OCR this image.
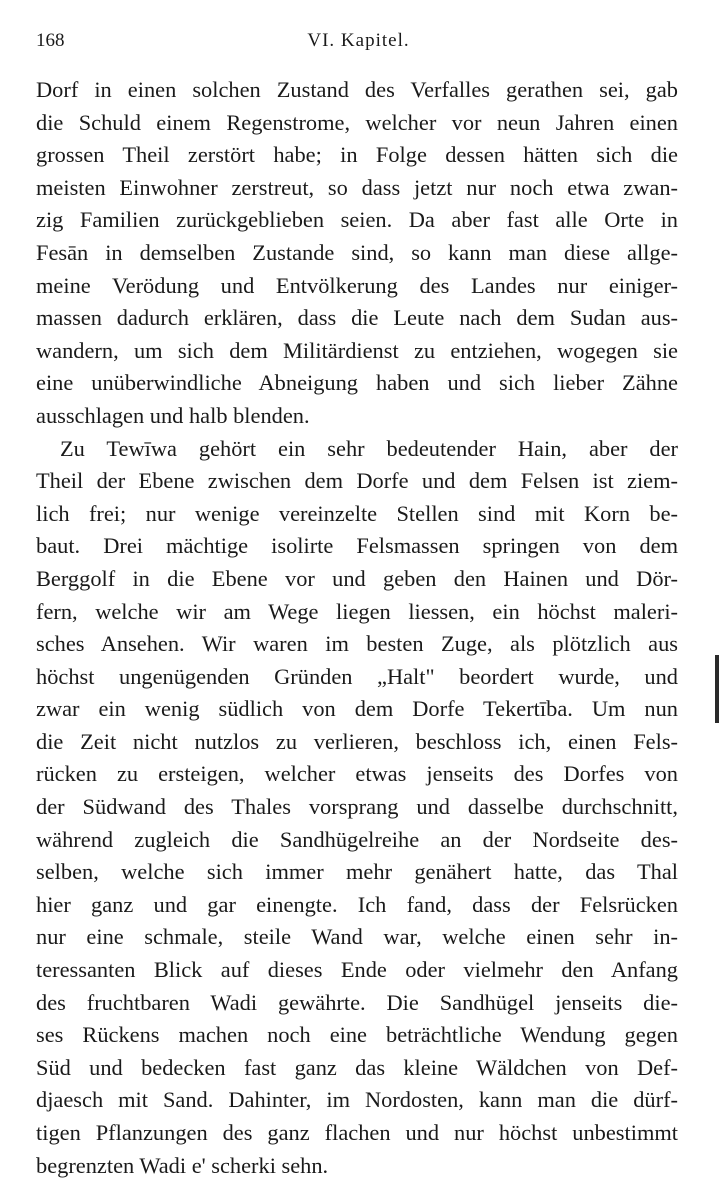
168	VI. Kapitel.
Dorf in einen solchen Zustand des Verfalles gerathen sei, gab
die Schuld einem Regenstrome, welcher vor neun Jahren einen
grossen Theil zerstört habe; in Folge dessen hätten sich die
meisten Einwohner zerstreut, so dass jetzt nur noch etwa zwan-
zig Familien zurückgeblieben seien. Da aber fast alle Orte in
Fesān in demselben Zustande sind, so kann man diese allge-
meine Verödung und Entvölkerung des Landes nur einiger-
massen dadurch erklären, dass die Leute nach dem Sudan aus-
wandern, um sich dem Militärdienst zu entziehen, wogegen sie
eine unüberwindliche Abneigung haben und sich lieber Zähne
ausschlagen und halb blenden.
Zu Tewīwa gehört ein sehr bedeutender Hain, aber der
Theil der Ebene zwischen dem Dorfe und dem Felsen ist ziem-
lich frei; nur wenige vereinzelte Stellen sind mit Korn be-
baut. Drei mächtige isolirte Felsmassen springen von dem
Berggolf in die Ebene vor und geben den Hainen und Dör-
fern, welche wir am Wege liegen liessen, ein höchst maleri-
sches Ansehen. Wir waren im besten Zuge, als plötzlich aus
höchst ungenügenden Gründen „Halt" beordert wurde, und
zwar ein wenig südlich von dem Dorfe Tekertība. Um nun
die Zeit nicht nutzlos zu verlieren, beschloss ich, einen Fels-
rücken zu ersteigen, welcher etwas jenseits des Dorfes von
der Südwand des Thales vorsprang und dasselbe durchschnitt,
während zugleich die Sandhügelreihe an der Nordseite des-
selben, welche sich immer mehr genähert hatte, das Thal
hier ganz und gar einengte. Ich fand, dass der Felsrücken
nur eine schmale, steile Wand war, welche einen sehr in-
teressanten Blick auf dieses Ende oder vielmehr den Anfang
des fruchtbaren Wadi gewährte. Die Sandhügel jenseits die-
ses Rückens machen noch eine beträchtliche Wendung gegen
Süd und bedecken fast ganz das kleine Wäldchen von Def-
djaesch mit Sand. Dahinter, im Nordosten, kann man die dürf-
tigen Pflanzungen des ganz flachen und nur höchst unbestimmt
begrenzten Wadi e' scherki sehn.
